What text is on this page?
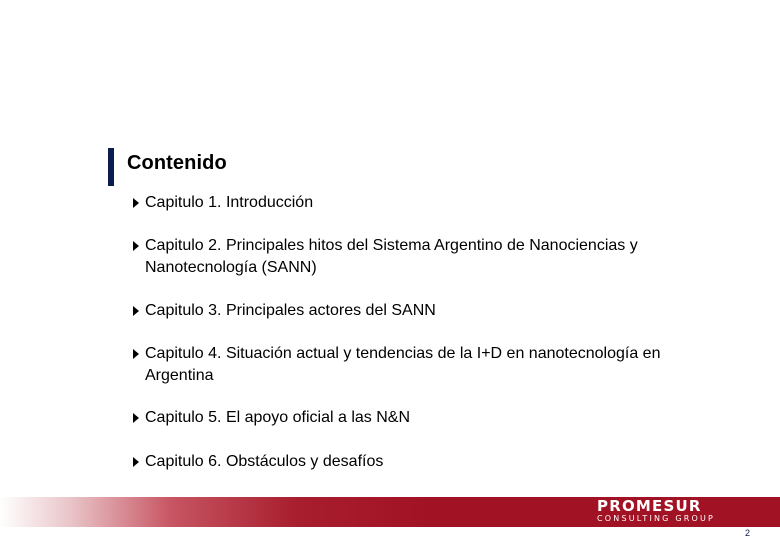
Contenido
Capitulo 1. Introducción
Capitulo 2. Principales hitos del Sistema Argentino de Nanociencias y
Nanotecnología (SANN)
Capitulo 3. Principales actores del SANN
Capitulo 4. Situación actual y tendencias de la I+D en nanotecnología en
Argentina
Capitulo 5. El apoyo oficial a las N&N
Capitulo 6. Obstáculos y desafíos
PROMESUR
CONSULTING GROUP
2
